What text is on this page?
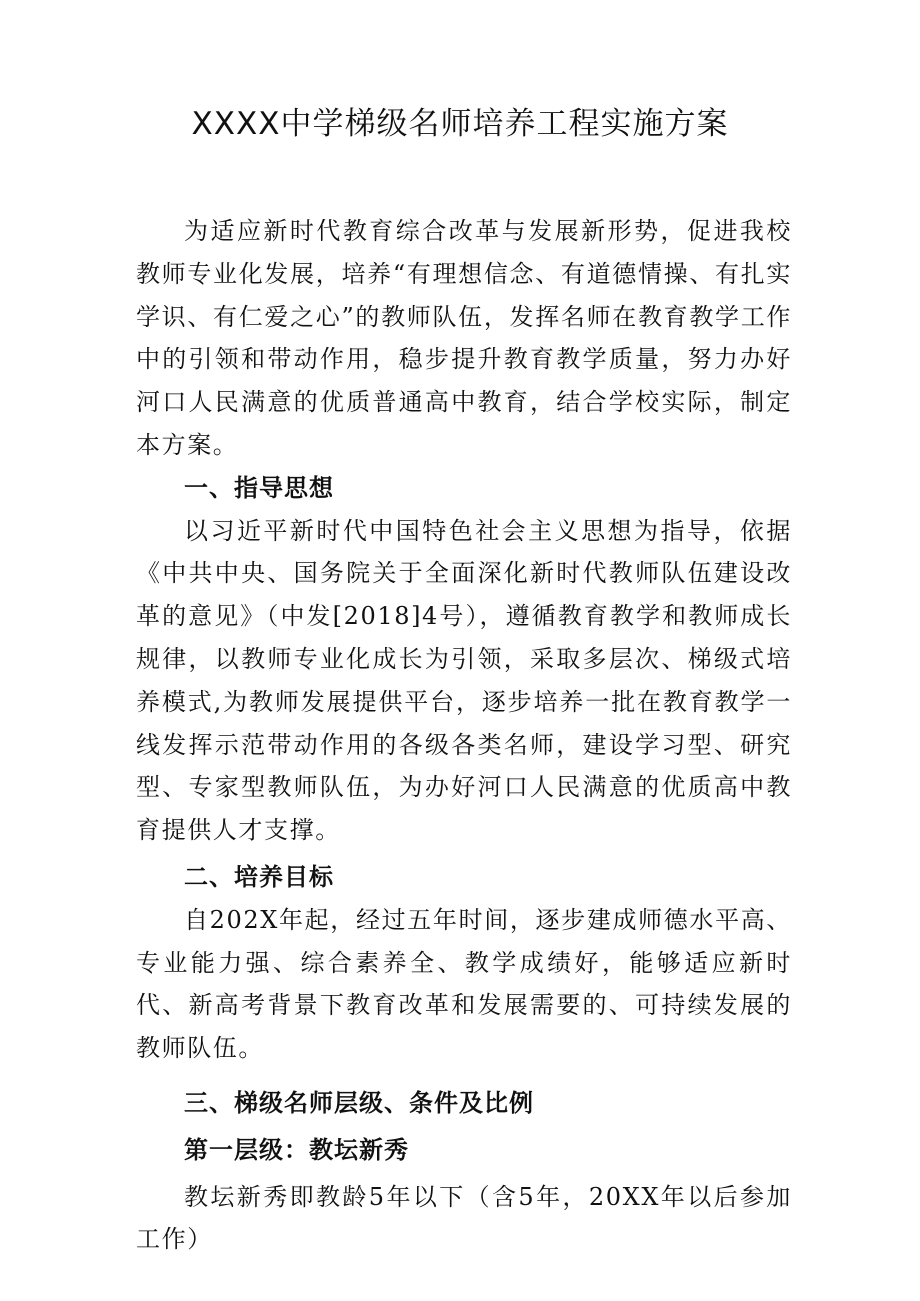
XXXX中学梯级名师培养工程实施方案

为适应新时代教育综合改革与发展新形势，促进我校教师专业化发展，培养“有理想信念、有道德情操、有扎实学识、有仁爱之心”的教师队伍，发挥名师在教育教学工作中的引领和带动作用，稳步提升教育教学质量，努力办好河口人民满意的优质普通高中教育，结合学校实际，制定本方案。

一、指导思想

以习近平新时代中国特色社会主义思想为指导，依据《中共中央、国务院关于全面深化新时代教师队伍建设改革的意见》（中发[2018]4号），遵循教育教学和教师成长规律，以教师专业化成长为引领，采取多层次、梯级式培养模式,为教师发展提供平台，逐步培养一批在教育教学一线发挥示范带动作用的各级各类名师，建设学习型、研究型、专家型教师队伍，为办好河口人民满意的优质高中教育提供人才支撑。

二、培养目标

自202X年起，经过五年时间，逐步建成师德水平高、专业能力强、综合素养全、教学成绩好，能够适应新时代、新高考背景下教育改革和发展需要的、可持续发展的教师队伍。

三、梯级名师层级、条件及比例

第一层级：教坛新秀

教坛新秀即教龄5年以下（含5年，20XX年以后参加工作）
